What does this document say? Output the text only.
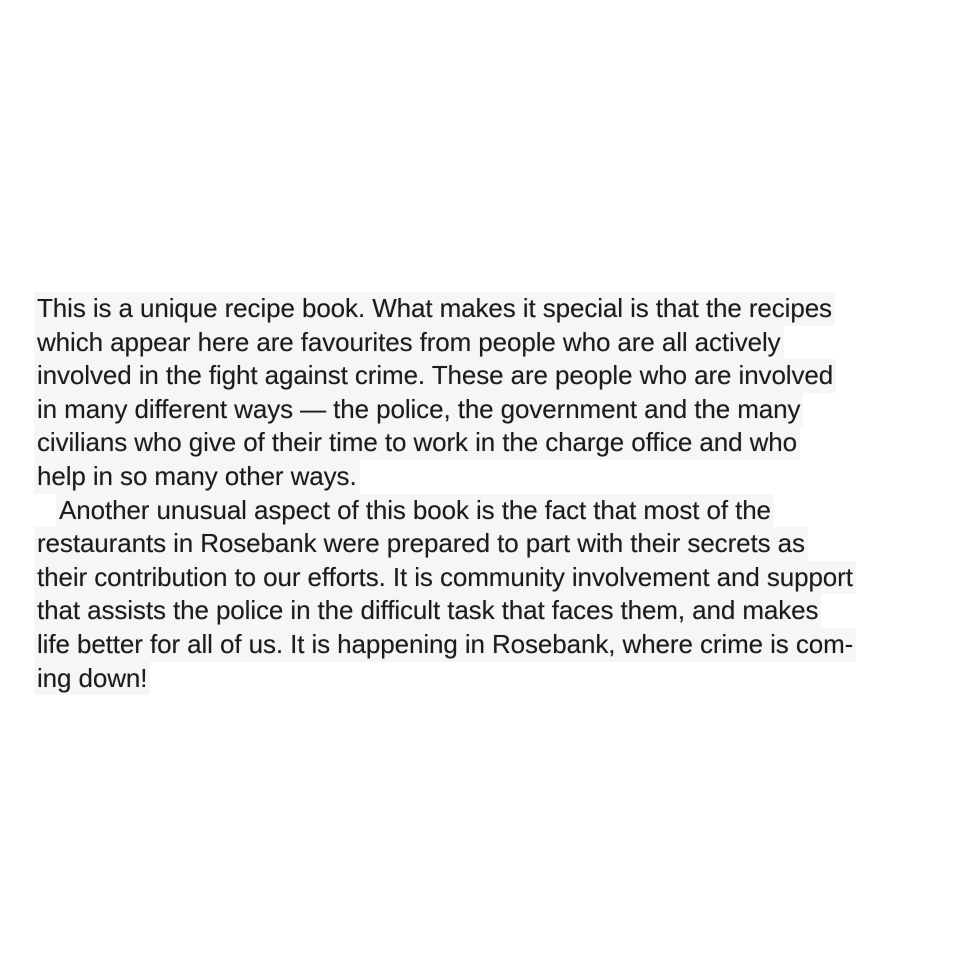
This is a unique recipe book. What makes it special is that the recipes
which appear here are favourites from people who are all actively
involved in the fight against crime. These are people who are involved
in many different ways — the police, the government and the many
civilians who give of their time to work in the charge office and who
help in so many other ways.
Another unusual aspect of this book is the fact that most of the
restaurants in Rosebank were prepared to part with their secrets as
their contribution to our efforts. It is community involvement and support
that assists the police in the difficult task that faces them, and makes
life better for all of us. It is happening in Rosebank, where crime is com-
ing down!
